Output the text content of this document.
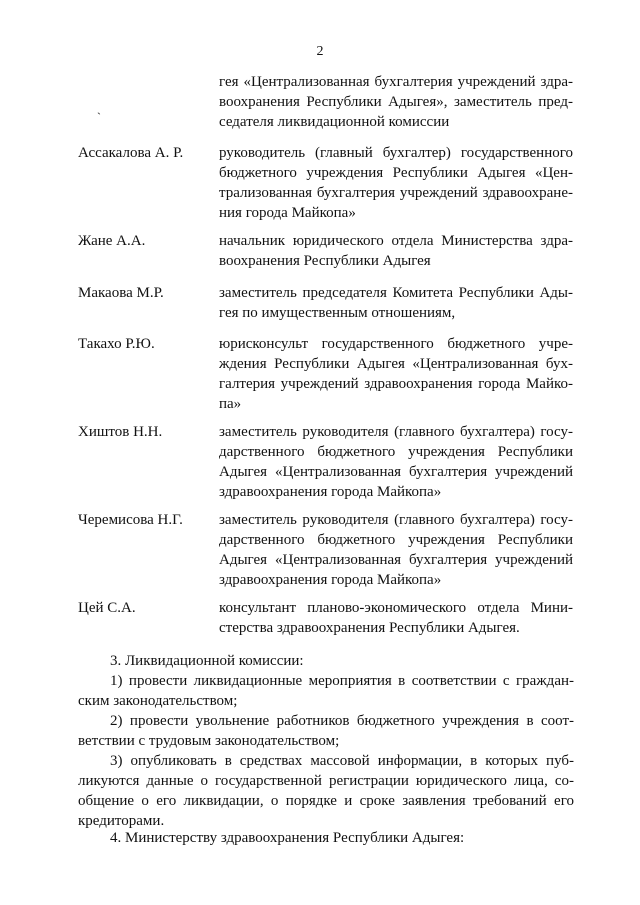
2
`
гея «Централизованная бухгалтерия учреждений здра-
воохранения Республики Адыгея», заместитель пред-
седателя ликвидационной комиссии
Ассакалова А. Р. руководитель (главный бухгалтер) государственного
бюджетного учреждения Республики Адыгея «Цен-
трализованная бухгалтерия учреждений здравоохране-
ния города Майкопа»
Жане А.А.	начальник юридического отдела Министерства здра-
воохранения Республики Адыгея
Макаова М.Р.	заместитель председателя Комитета Республики Ады-
гея по имущественным отношениям,
Такахо Р.Ю.	юрисконсульт государственного бюджетного учре-
ждения Республики Адыгея «Централизованная бух-
галтерия учреждений здравоохранения города Майко-
па»
Хиштов Н.Н.	заместитель руководителя (главного бухгалтера) госу-
дарственного бюджетного учреждения Республики
Адыгея «Централизованная бухгалтерия учреждений
здравоохранения города Майкопа»
Черемисова Н.Г. заместитель руководителя (главного бухгалтера) госу-
дарственного бюджетного учреждения Республики
Адыгея «Централизованная бухгалтерия учреждений
здравоохранения города Майкопа»
Цей С.А.	консультант планово-экономического отдела Мини-
стерства здравоохранения Республики Адыгея.
3. Ликвидационной комиссии:
1) провести ликвидационные мероприятия в соответствии с граждан-
ским законодательством;
2) провести увольнение работников бюджетного учреждения в соот-
ветствии с трудовым законодательством;
3) опубликовать в средствах массовой информации, в которых пуб-
ликуются данные о государственной регистрации юридического лица, со-
общение о его ликвидации, о порядке и сроке заявления требований его
кредиторами.
4. Министерству здравоохранения Республики Адыгея:
